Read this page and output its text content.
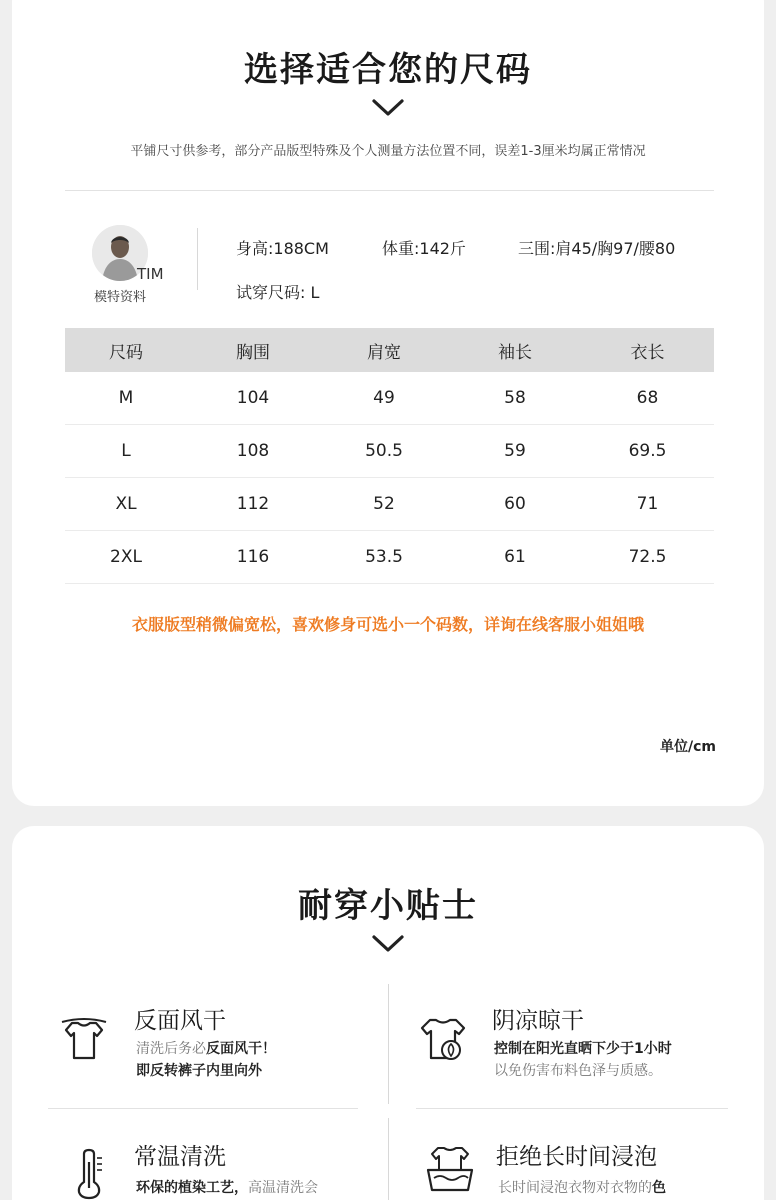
选择适合您的尺码
平铺尺寸供参考，部分产品版型特殊及个人测量方法位置不同，误差1-3厘米均属正常情况
TIM
模特资料
身高:188CM	体重:142斤	三围:肩45/胸97/腰80
试穿尺码: L
尺码	胸围	肩宽	袖长	衣长
M	104	49	58	68
L	108	50.5	59	69.5
XL	112	52	60	71
2XL	116	53.5	61	72.5
衣服版型稍微偏宽松，喜欢修身可选小一个码数，详询在线客服小姐姐哦
单位/cm
耐穿小贴士
反面风干
清洗后务必反面风干！
即反转裤子内里向外
阴凉晾干
控制在阳光直晒下少于1小时
以免伤害布料色泽与质感。
常温清洗
环保的植染工艺，高温清洗会
拒绝长时间浸泡
长时间浸泡衣物对衣物的色
